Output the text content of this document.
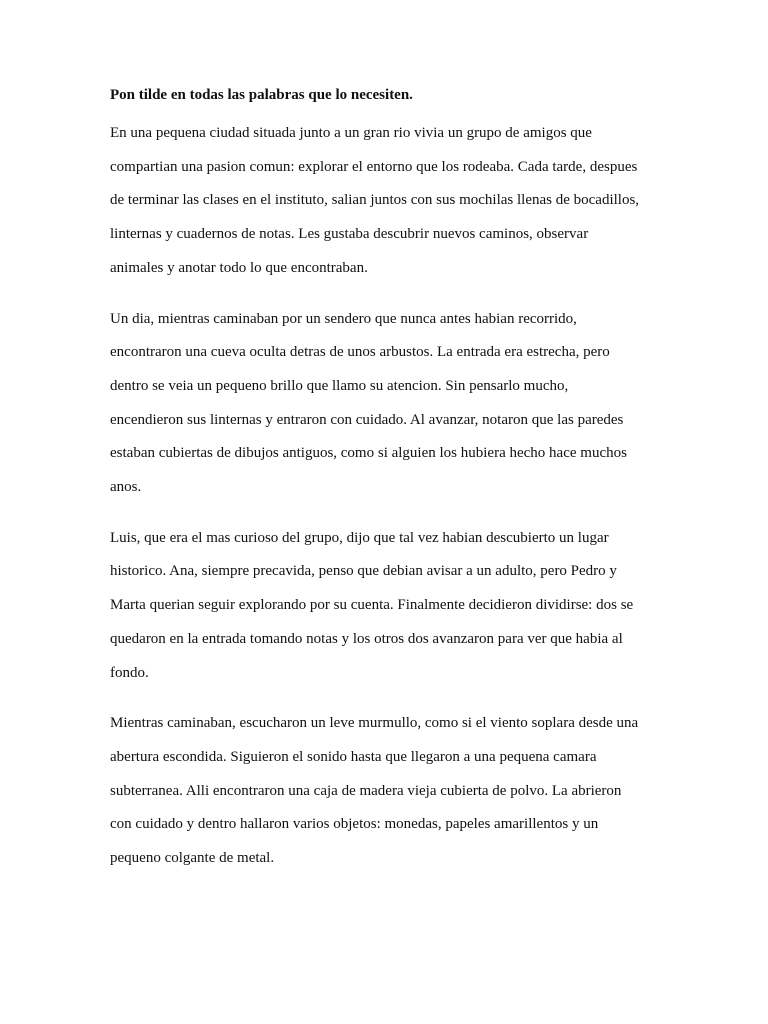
Pon tilde en todas las palabras que lo necesiten.
En una pequena ciudad situada junto a un gran rio vivia un grupo de amigos que
compartian una pasion comun: explorar el entorno que los rodeaba. Cada tarde, despues
de terminar las clases en el instituto, salian juntos con sus mochilas llenas de bocadillos,
linternas y cuadernos de notas. Les gustaba descubrir nuevos caminos, observar
animales y anotar todo lo que encontraban.
Un dia, mientras caminaban por un sendero que nunca antes habian recorrido,
encontraron una cueva oculta detras de unos arbustos. La entrada era estrecha, pero
dentro se veia un pequeno brillo que llamo su atencion. Sin pensarlo mucho,
encendieron sus linternas y entraron con cuidado. Al avanzar, notaron que las paredes
estaban cubiertas de dibujos antiguos, como si alguien los hubiera hecho hace muchos
anos.
Luis, que era el mas curioso del grupo, dijo que tal vez habian descubierto un lugar
historico. Ana, siempre precavida, penso que debian avisar a un adulto, pero Pedro y
Marta querian seguir explorando por su cuenta. Finalmente decidieron dividirse: dos se
quedaron en la entrada tomando notas y los otros dos avanzaron para ver que habia al
fondo.
Mientras caminaban, escucharon un leve murmullo, como si el viento soplara desde una
abertura escondida. Siguieron el sonido hasta que llegaron a una pequena camara
subterranea. Alli encontraron una caja de madera vieja cubierta de polvo. La abrieron
con cuidado y dentro hallaron varios objetos: monedas, papeles amarillentos y un
pequeno colgante de metal.
